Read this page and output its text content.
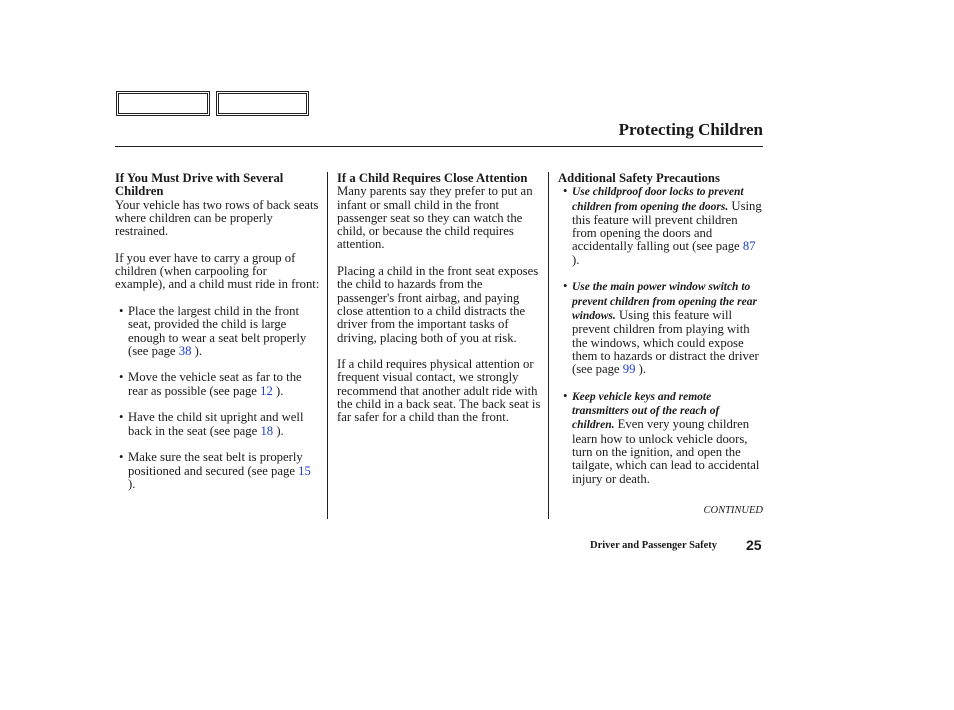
Protecting Children
If You Must Drive with Several Children

Your vehicle has two rows of back seats where children can be properly restrained.

If you ever have to carry a group of children (when carpooling for example), and a child must ride in front:

• Place the largest child in the front seat, provided the child is large enough to wear a seat belt properly (see page 38 ).
• Move the vehicle seat as far to the rear as possible (see page 12 ).
• Have the child sit upright and well back in the seat (see page 18 ).
• Make sure the seat belt is properly positioned and secured (see page 15 ).
If a Child Requires Close Attention

Many parents say they prefer to put an infant or small child in the front passenger seat so they can watch the child, or because the child requires attention.

Placing a child in the front seat exposes the child to hazards from the passenger's front airbag, and paying close attention to a child distracts the driver from the important tasks of driving, placing both of you at risk.

If a child requires physical attention or frequent visual contact, we strongly recommend that another adult ride with the child in a back seat. The back seat is far safer for a child than the front.

Additional Safety Precautions
• Use childproof door locks to prevent children from opening the doors. Using this feature will prevent children from opening the doors and accidentally falling out (see page 87 ).
• Use the main power window switch to prevent children from opening the rear windows. Using this feature will prevent children from playing with the windows, which could expose them to hazards or distract the driver (see page 99 ).
• Keep vehicle keys and remote transmitters out of the reach of children. Even very young children learn how to unlock vehicle doors, turn on the ignition, and open the tailgate, which can lead to accidental injury or death.
CONTINUED
Driver and Passenger Safety 25
